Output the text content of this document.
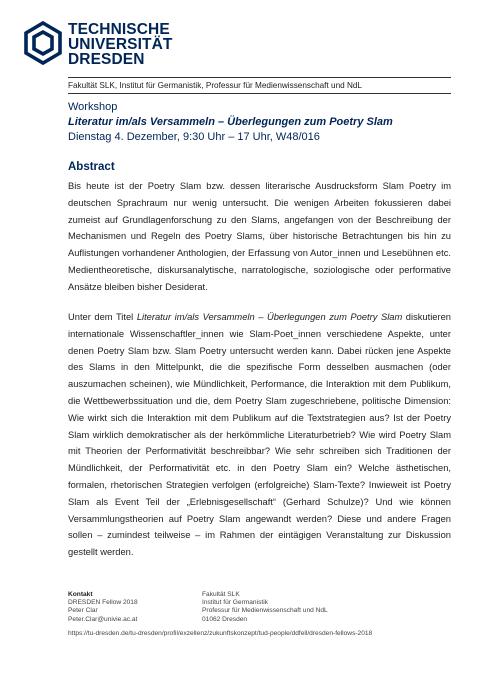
TECHNISCHE
UNIVERSITÄT
DRESDEN
Fakultät SLK, Institut für Germanistik, Professur für Medienwissenschaft und NdL
Workshop
Literatur im/als Versammeln – Überlegungen zum Poetry Slam
Dienstag 4. Dezember, 9:30 Uhr – 17 Uhr, W48/016
Abstract
Bis heute ist der Poetry Slam bzw. dessen literarische Ausdrucksform Slam Poetry im deutschen Sprachraum nur wenig untersucht. Die wenigen Arbeiten fokussieren dabei zumeist auf Grundlagenforschung zu den Slams, angefangen von der Beschreibung der Mechanismen und Regeln des Poetry Slams, über historische Betrachtungen bis hin zu Auflistungen vorhandener Anthologien, der Erfassung von Autor_innen und Lesebühnen etc. Medientheoretische, diskursanalytische, narratologische, soziologische oder performative Ansätze bleiben bisher Desiderat.
Unter dem Titel Literatur im/als Versammeln – Überlegungen zum Poetry Slam diskutieren internationale Wissenschaftler_innen wie Slam-Poet_innen verschiedene Aspekte, unter denen Poetry Slam bzw. Slam Poetry untersucht werden kann. Dabei rücken jene Aspekte des Slams in den Mittelpunkt, die die spezifische Form desselben ausmachen (oder auszumachen scheinen), wie Mündlichkeit, Performance, die Interaktion mit dem Publikum, die Wettbewerbssituation und die, dem Poetry Slam zugeschriebene, politische Dimension: Wie wirkt sich die Interaktion mit dem Publikum auf die Textstrategien aus? Ist der Poetry Slam wirklich demokratischer als der herkömmliche Literaturbetrieb? Wie wird Poetry Slam mit Theorien der Performativität beschreibbar? Wie sehr schreiben sich Traditionen der Mündlichkeit, der Performativität etc. in den Poetry Slam ein? Welche ästhetischen, formalen, rhetorischen Strategien verfolgen (erfolgreiche) Slam-Texte? Inwieweit ist Poetry Slam als Event Teil der „Erlebnisgesellschaft“ (Gerhard Schulze)? Und wie können Versammlungstheorien auf Poetry Slam angewandt werden? Diese und andere Fragen sollen – zumindest teilweise – im Rahmen der eintägigen Veranstaltung zur Diskussion gestellt werden.
Kontakt
DRESDEN Fellow 2018
Peter Clar
Peter.Clar@univie.ac.at
Fakultät SLK
Institut für Germanistik
Professur für Medienwissenschaft und NdL
01062 Dresden
https://tu-dresden.de/tu-dresden/profil/exzellenz/zukunftskonzept/tud-people/ddfell/dresden-fellows-2018
